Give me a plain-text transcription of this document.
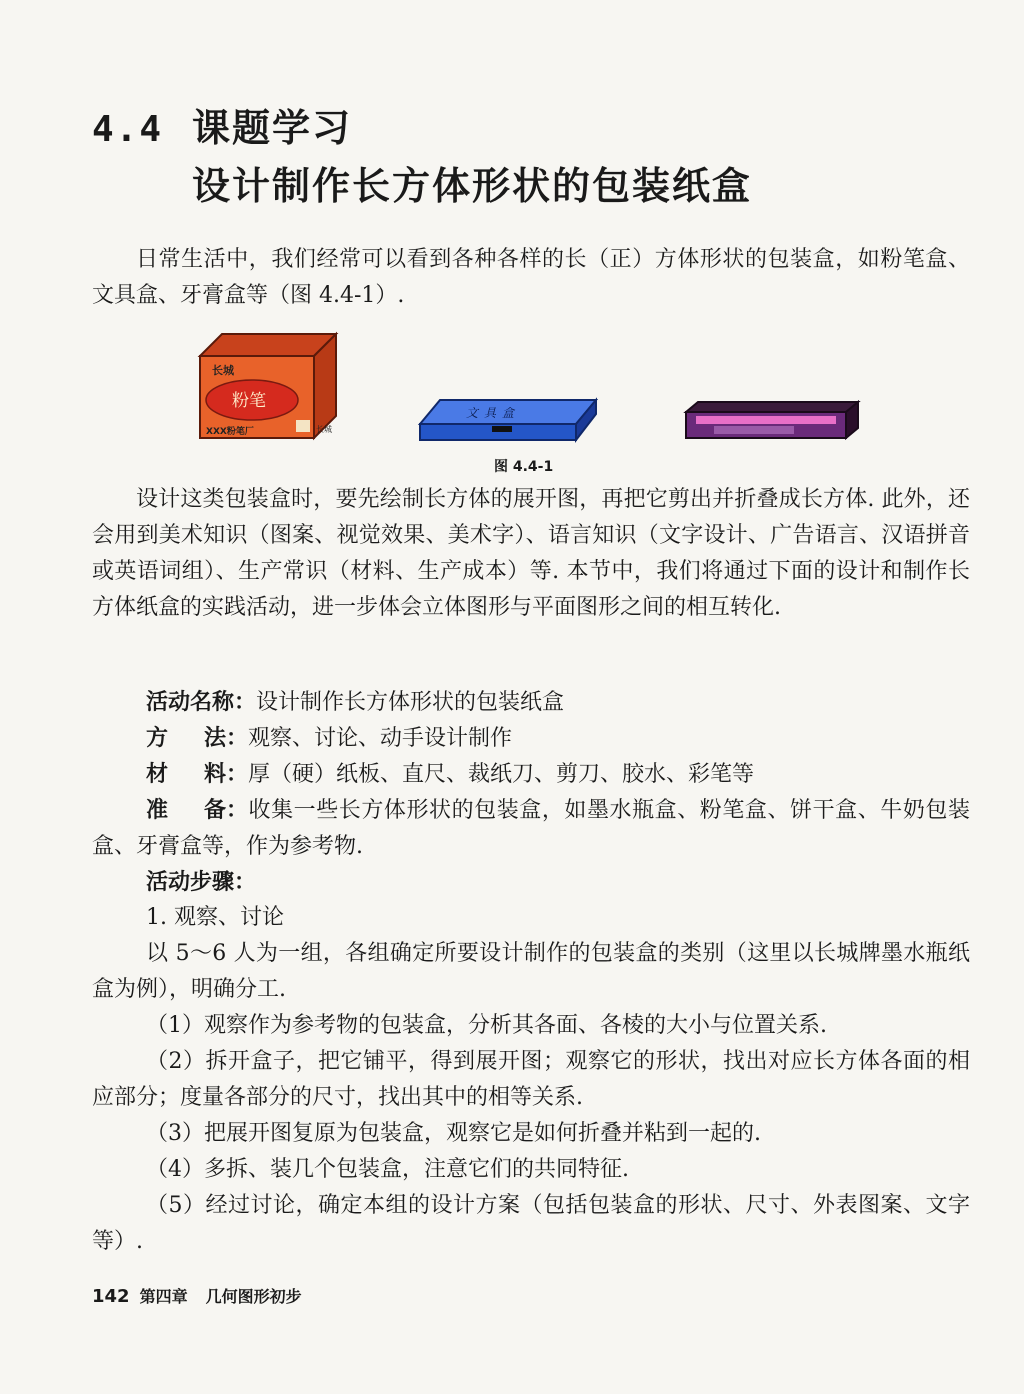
4.4 课题学习
设计制作长方体形状的包装纸盒

日常生活中，我们经常可以看到各种各样的长（正）方体形状的包装盒，如粉笔盒、文具盒、牙膏盒等（图 4.4-1）.

长城
粉笔
XXX粉笔厂	长城
文具盒
图 4.4-1

设计这类包装盒时，要先绘制长方体的展开图，再把它剪出并折叠成长方体. 此外，还会用到美术知识（图案、视觉效果、美术字）、语言知识（文字设计、广告语言、汉语拼音或英语词组）、生产常识（材料、生产成本）等. 本节中，我们将通过下面的设计和制作长方体纸盒的实践活动，进一步体会立体图形与平面图形之间的相互转化.

活动名称：设计制作长方体形状的包装纸盒
方 法： 观察、讨论、动手设计制作
材 料： 厚（硬）纸板、直尺、裁纸刀、剪刀、胶水、彩笔等
准 备： 收集一些长方体形状的包装盒，如墨水瓶盒、粉笔盒、饼干盒、牛奶包装盒、牙膏盒等，作为参考物.
活动步骤：
1. 观察、讨论
以 5～6 人为一组，各组确定所要设计制作的包装盒的类别（这里以长城牌墨水瓶纸盒为例），明确分工.
（1）观察作为参考物的包装盒，分析其各面、各棱的大小与位置关系.
（2）拆开盒子，把它铺平，得到展开图；观察它的形状，找出对应长方体各面的相应部分；度量各部分的尺寸，找出其中的相等关系.
（3）把展开图复原为包装盒，观察它是如何折叠并粘到一起的.
（4）多拆、装几个包装盒，注意它们的共同特征.
（5）经过讨论，确定本组的设计方案（包括包装盒的形状、尺寸、外表图案、文字等）.
142 第四章 几何图形初步
